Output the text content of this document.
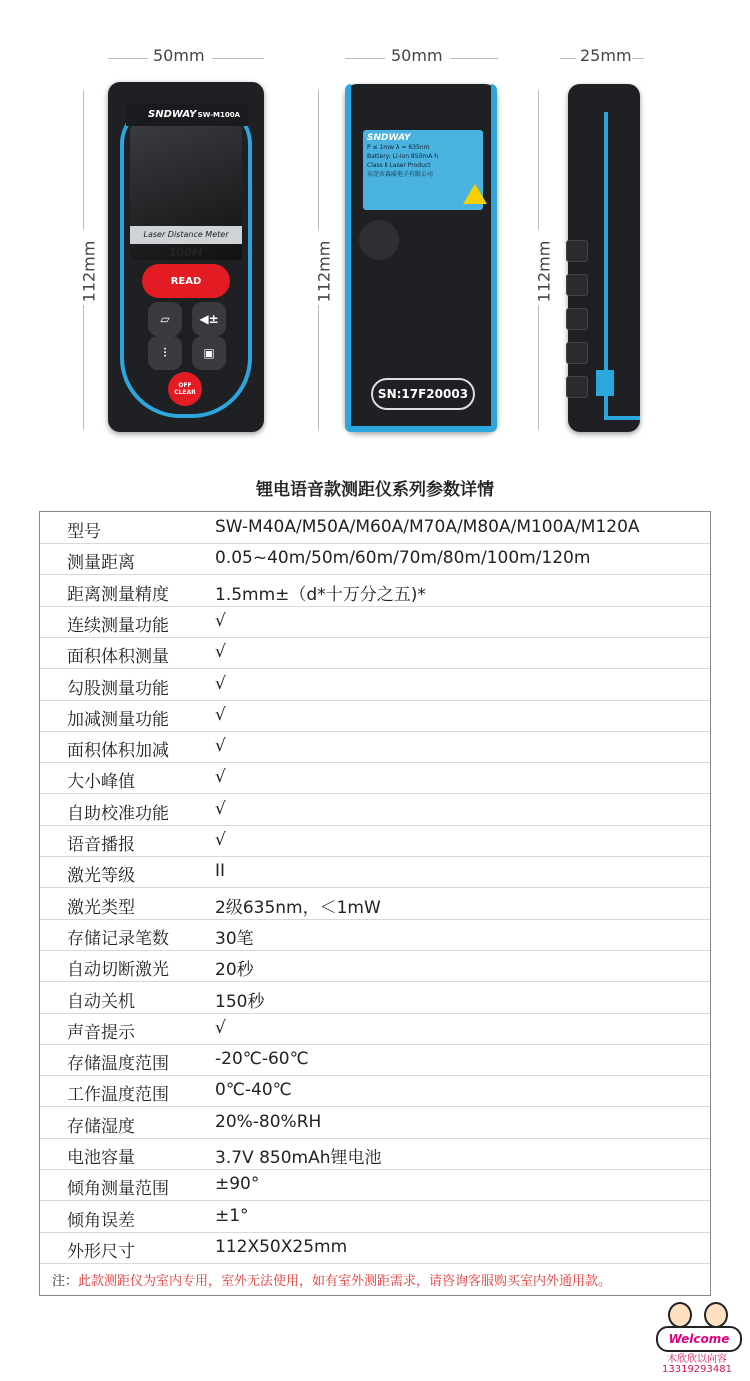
50mm	50mm	25mm
112mm	112mm	112mm
SNDWAY SW-M100A
Laser Distance Meter 100M
READ
▱	◀±
⫶	▣
OFF
CLEAR
SNDWAY
P ≤ 1mw λ = 635nm
Battery: Li-ion 850mA h
Class Ⅱ Laser Product
东莞市森威电子有限公司
SN:17F20003
锂电语音款测距仪系列参数详情
注：此款测距仪为室内专用，室外无法使用，如有室外测距需求，请咨询客服购买室内外通用款。
型号	SW-M40A/M50A/M60A/M70A/M80A/M100A/M120A
测量距离	0.05~40m/50m/60m/70m/80m/100m/120m
距离测量精度	1.5mm±（d*十万分之五)*
连续测量功能	√
面积体积测量	√
勾股测量功能	√
加减测量功能	√
面积体积加减	√
大小峰值	√
自助校准功能	√
语音播报	√
激光等级	II
激光类型	2级635nm，＜1mW
存储记录笔数	30笔
自动切断激光	20秒
自动关机	150秒
声音提示	√
存储温度范围	-20℃-60℃
工作温度范围	0℃-40℃
存储湿度	20%-80%RH
电池容量	3.7V 850mAh锂电池
倾角测量范围	±90°
倾角误差	±1°
外形尺寸	112X50X25mm
Welcome
木欣欣以向容
13319293481
